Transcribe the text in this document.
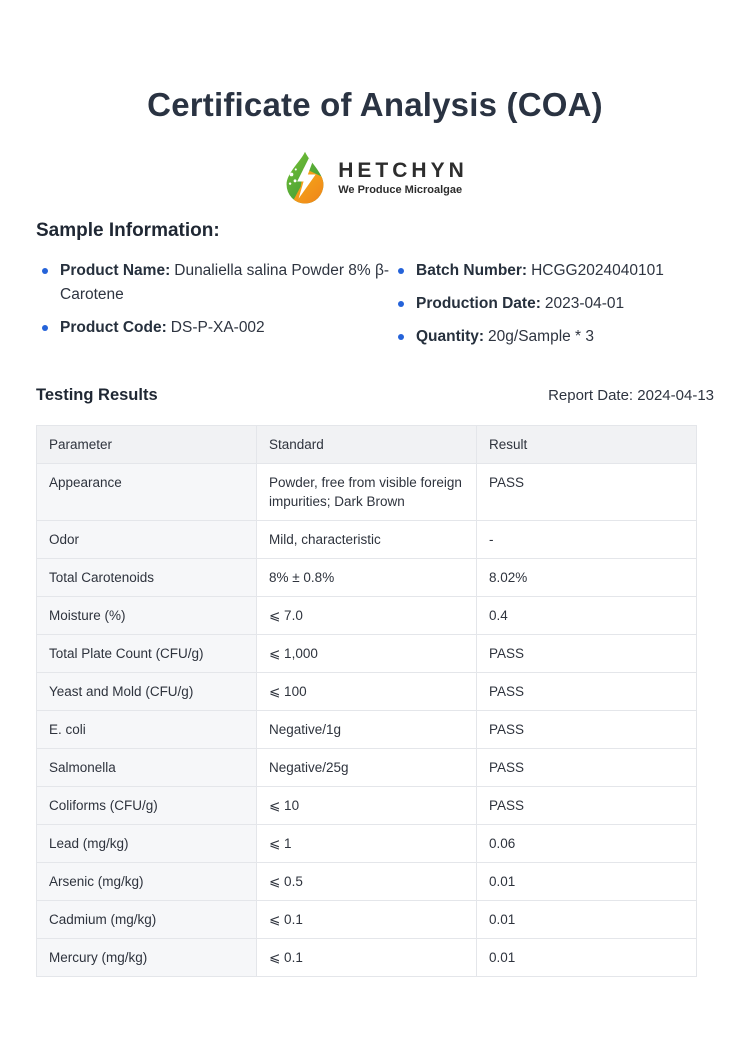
Certificate of Analysis (COA)
HETCHYN
We Produce Microalgae
Sample Information:
Product Name: Dunaliella salina Powder 8% β-Carotene
Product Code: DS-P-XA-002
Batch Number: HCGG2024040101
Production Date: 2023-04-01
Quantity: 20g/Sample * 3
Testing Results	Report Date: 2024-04-13
Parameter	Standard	Result
Appearance	Powder, free from visible foreign impurities; Dark Brown	PASS
Odor	Mild, characteristic	-
Total Carotenoids	8% ± 0.8%	8.02%
Moisture (%)	⩽ 7.0	0.4
Total Plate Count (CFU/g)	⩽ 1,000	PASS
Yeast and Mold (CFU/g)	⩽ 100	PASS
E. coli	Negative/1g	PASS
Salmonella	Negative/25g	PASS
Coliforms (CFU/g)	⩽ 10	PASS
Lead (mg/kg)	⩽ 1	0.06
Arsenic (mg/kg)	⩽ 0.5	0.01
Cadmium (mg/kg)	⩽ 0.1	0.01
Mercury (mg/kg)	⩽ 0.1	0.01
